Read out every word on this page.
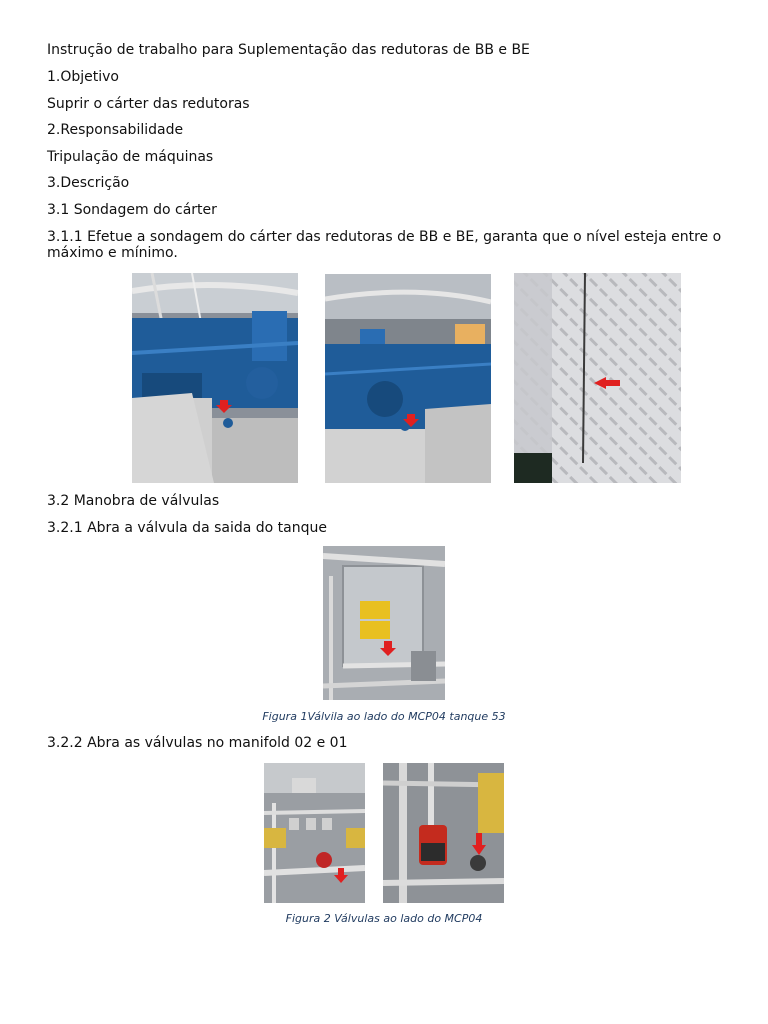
Instrução de trabalho para Suplementação das redutoras de BB e BE
1.Objetivo
Suprir o cárter das redutoras
2.Responsabilidade
Tripulação de máquinas
3.Descrição
3.1 Sondagem do cárter
3.1.1 Efetue a sondagem do cárter das redutoras de BB e BE, garanta que o nível esteja entre o máximo e mínimo.
3.2 Manobra de válvulas
3.2.1 Abra a válvula da saida do tanque
Figura 1Válvila ao lado do MCP04 tanque 53
3.2.2 Abra as válvulas no manifold 02 e 01
Figura 2 Válvulas ao lado do MCP04
